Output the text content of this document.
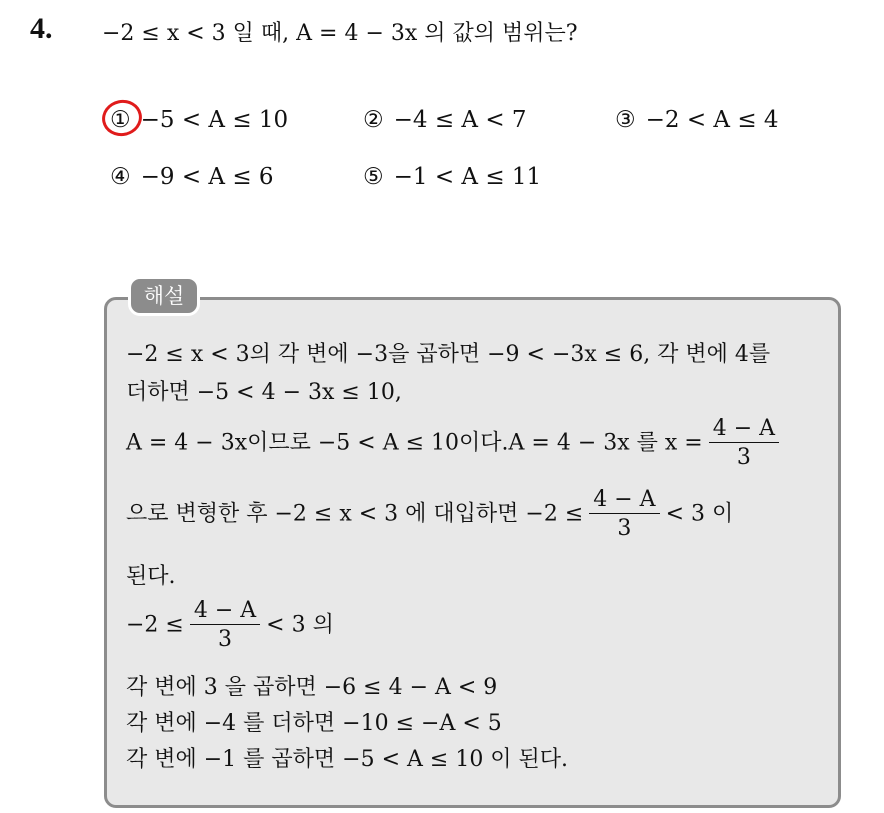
4. −2 ≤ x < 3 일 때, A = 4 − 3x 의 값의 범위는?
① −5 < A ≤ 10	② −4 ≤ A < 7	③ −2 < A ≤ 4
④ −9 < A ≤ 6	⑤ −1 < A ≤ 11
해설
−2 ≤ x < 3의 각 변에 −3을 곱하면 −9 < −3x ≤ 6, 각 변에 4를
더하면 −5 < 4 − 3x ≤ 10,
A = 4 − 3x이므로 −5 < A ≤ 10이다.A = 4 − 3x 를 $x = \frac{4 - A}{3}$
으로 변형한 후 −2 ≤ x < 3 에 대입하면 $-2 \le \frac{4 - A}{3} < 3$ 이
된다.
$-2 \le \frac{4 - A}{3} < 3$ 의
각 변에 3 을 곱하면 −6 ≤ 4 − A < 9
각 변에 −4 를 더하면 −10 ≤ −A < 5
각 변에 −1 를 곱하면 −5 < A ≤ 10 이 된다.
